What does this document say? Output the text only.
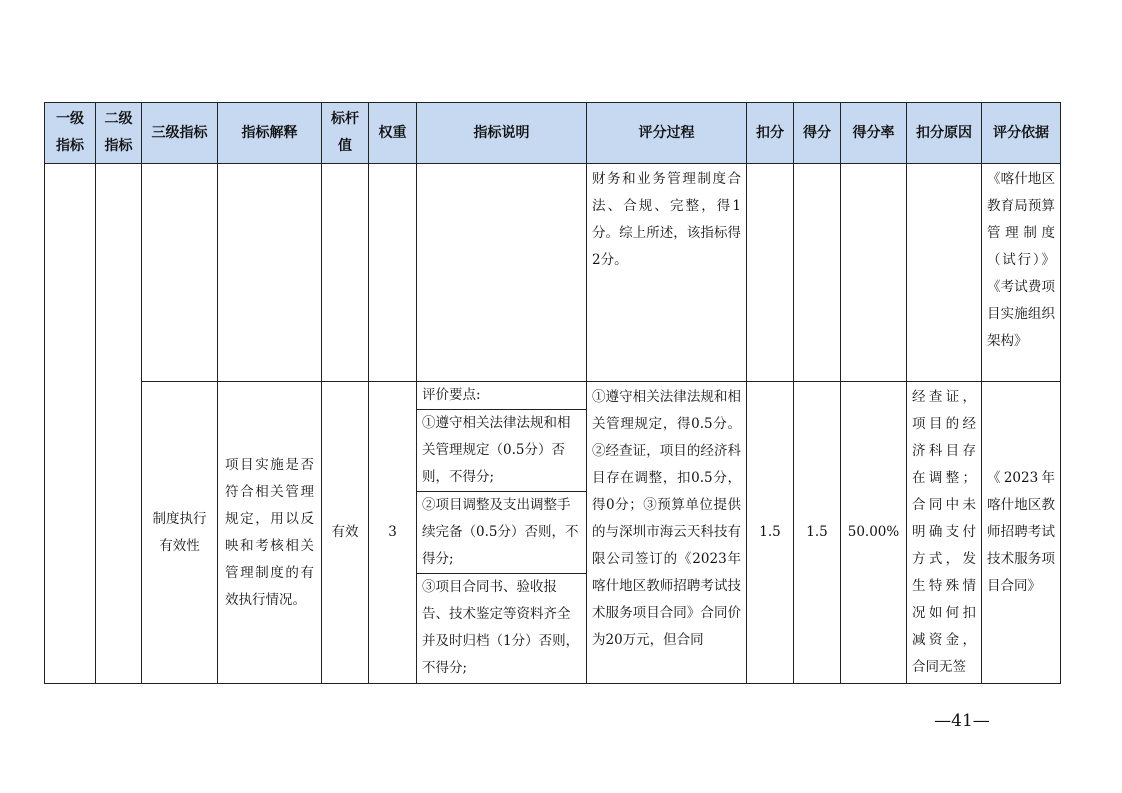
一级指标	二级指标	三级指标	指标解释	标杆值	权重	指标说明	评分过程	扣分	得分	得分率	扣分原因	评分依据

							财务和业务管理制度合法、合规、完整，得1分。综上所述，该指标得2分。					《喀什地区教育局预算管理制度（试行）》《考试费项目实施组织架构》

		制度执行有效性	项目实施是否符合相关管理规定，用以反映和考核相关管理制度的有效执行情况。	有效	3	评价要点:
①遵守相关法律法规和相关管理规定（0.5分）否则，不得分;
②项目调整及支出调整手续完备（0.5分）否则，不得分;
③项目合同书、验收报告、技术鉴定等资料齐全并及时归档（1分）否则，不得分;	①遵守相关法律法规和相关管理规定，得0.5分。②经查证，项目的经济科目存在调整，扣0.5分，得0分；③预算单位提供的与深圳市海云天科技有限公司签订的《2023年喀什地区教师招聘考试技术服务项目合同》合同价为20万元，但合同	1.5	1.5	50.00%	经查证，项目的经济科目存在调整；合同中未明确支付方式，发生特殊情况如何扣减资金，合同无签	《2023年喀什地区教师招聘考试技术服务项目合同》
—41—
